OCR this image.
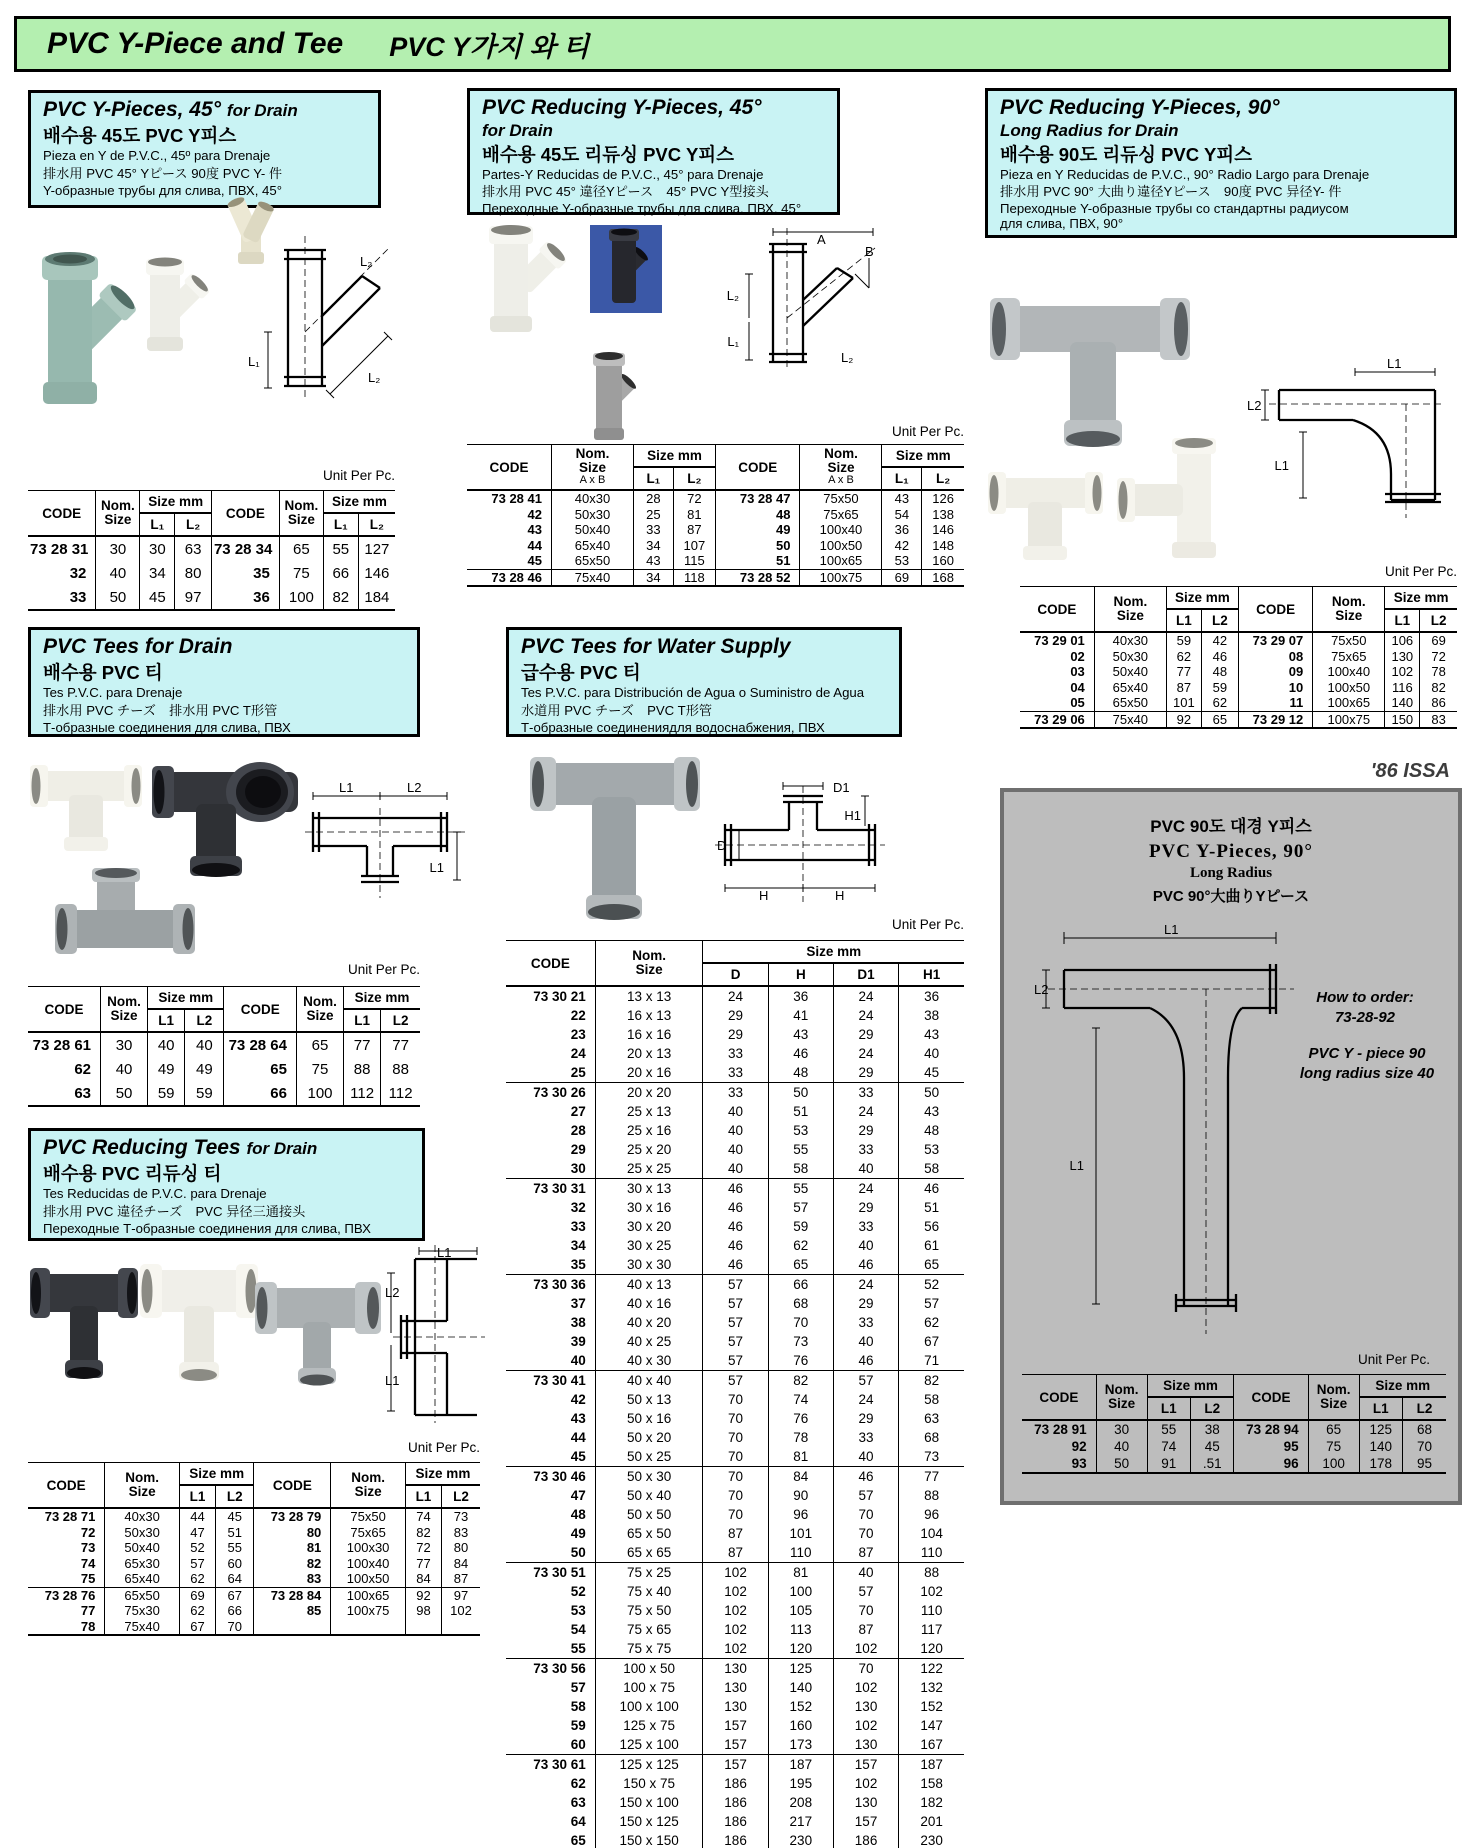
PVC Y-Piece and Tee PVC Y가지 와 티
PVC Y-Pieces, 45° for Drain
배수용 45도 PVC Y피스
Pieza en Y de P.V.C., 45º para Drenaje
排水用 PVC 45° Yピース 90度 PVC Y- 件
Y-образные трубы для слива, ПВХ, 45°
L₂
L₁
L₂
Unit Per Pc.
CODE	
Nom.
Size
	Size mm	CODE	
Nom.
Size
	Size mm
		L₁	L₂			L₁	L₂
73 28 31	30	30	63	73 28 34	65	55	127
32	40	34	80	35	75	66	146
33	50	45	97	36	100	82	184
PVC Reducing Y-Pieces, 45°
for Drain
배수용 45도 리듀싱 PVC Y피스
Partes-Y Reducidas de P.V.C., 45° para Drenaje
排水用 PVC 45° 違径Yピース　45° PVC Y型接头
Переходные Y-образные трубы для слива, ПВХ, 45°
A
B
L₂
L₁
L₂
Unit Per Pc.
CODE	
Nom.
Size
A x B
	Size mm	CODE	
Nom.
Size
A x B
	Size mm
		L₁	L₂			L₁	L₂
73 28 41	40x30	28	72	73 28 47	75x50	43	126
42	50x30	25	81	48	75x65	54	138
43	50x40	33	87	49	100x40	36	146
44	65x40	34	107	50	100x50	42	148
45	65x50	43	115	51	100x65	53	160
73 28 46	75x40	34	118	73 28 52	100x75	69	168
PVC Reducing Y-Pieces, 90°
Long Radius for Drain
배수용 90도 리듀싱 PVC Y피스
Pieza en Y Reducidas de P.V.C., 90° Radio Largo para Drenaje
排水用 PVC 90° 大曲り違径Yピース　90度 PVC 异径Y- 件
Переходные Y-образные трубы со стандартны радиусом для слива, ПВХ, 90°
L1
L2
L1
Unit Per Pc.
CODE	
Nom.
Size
	Size mm	CODE	
Nom.
Size
	Size mm
		L1	L2			L1	L2
73 29 01	40x30	59	42	73 29 07	75x50	106	69
02	50x30	62	46	08	75x65	130	72
03	50x40	77	48	09	100x40	102	78
04	65x40	87	59	10	100x50	116	82
05	65x50	101	62	11	100x65	140	86
73 29 06	75x40	92	65	73 29 12	100x75	150	83
PVC Tees for Drain
배수용 PVC 티
Tes P.V.C. para Drenaje
排水用 PVC チーズ　排水用 PVC T形管
Т-образные соединения для слива, ПВХ
L1	L2
L1
Unit Per Pc.
CODE	
Nom.
Size
	Size mm	CODE	
Nom.
Size
	Size mm
		L1	L2			L1	L2
73 28 61	30	40	40	73 28 64	65	77	77
62	40	49	49	65	75	88	88
63	50	59	59	66	100	112	112
PVC Tees for Water Supply
급수용 PVC 티
Tes P.V.C. para Distribución de Agua o Suministro de Agua
水道用 PVC チーズ　PVC T形管
Т-образные соединениядля водоснабжения, ПВХ
D1
H1
D
H	H
Unit Per Pc.
CODE	Nom.
Size	Size mm			
		D	H	D1	H1
73 30 21	13 x 13	24	36	24	36
22	16 x 13	29	41	24	38
23	16 x 16	29	43	29	43
24	20 x 13	33	46	24	40
25	20 x 16	33	48	29	45
73 30 26	20 x 20	33	50	33	50
27	25 x 13	40	51	24	43
28	25 x 16	40	53	29	48
29	25 x 20	40	55	33	53
30	25 x 25	40	58	40	58
73 30 31	30 x 13	46	55	24	46
32	30 x 16	46	57	29	51
33	30 x 20	46	59	33	56
34	30 x 25	46	62	40	61
35	30 x 30	46	65	46	65
73 30 36	40 x 13	57	66	24	52
37	40 x 16	57	68	29	57
38	40 x 20	57	70	33	62
39	40 x 25	57	73	40	67
40	40 x 30	57	76	46	71
73 30 41	40 x 40	57	82	57	82
42	50 x 13	70	74	24	58
43	50 x 16	70	76	29	63
44	50 x 20	70	78	33	68
45	50 x 25	70	81	40	73
73 30 46	50 x 30	70	84	46	77
47	50 x 40	70	90	57	88
48	50 x 50	70	96	70	96
49	65 x 50	87	101	70	104
50	65 x 65	87	110	87	110
73 30 51	75 x 25	102	81	40	88
52	75 x 40	102	100	57	102
53	75 x 50	102	105	70	110
54	75 x 65	102	113	87	117
55	75 x 75	102	120	102	120
73 30 56	100 x 50	130	125	70	122
57	100 x 75	130	140	102	132
58	100 x 100	130	152	130	152
59	125 x 75	157	160	102	147
60	125 x 100	157	173	130	167
73 30 61	125 x 125	157	187	157	187
62	150 x 75	186	195	102	158
63	150 x 100	186	208	130	182
64	150 x 125	186	217	157	201
65	150 x 150	186	230	186	230
'86 ISSA
PVC 90도 대경 Y피스
PVC Y-Pieces, 90°
Long Radius
PVC 90°大曲りYピース
L1
L2
L1
How to order:
73-28-92
PVC Y - piece 90
long radius size 40
Unit Per Pc.
CODE	
Nom.
Size
	Size mm	CODE	
Nom.
Size
	Size mm
		L1	L2			L1	L2
73 28 91	30	55	38	73 28 94	65	125	68
92	40	74	45	95	75	140	70
93	50	91	.51	96	100	178	95
PVC Reducing Tees for Drain
배수용 PVC 리듀싱 티
Tes Reducidas de P.V.C. para Drenaje
排水用 PVC 違径チーズ　PVC 异径三通接头
Переходные Т-образные соединения для слива, ПВХ
L1
L2
L1
Unit Per Pc.
CODE	
Nom.
Size
	Size mm	CODE	
Nom.
Size
	Size mm
		L1	L2			L1	L2
73 28 71	40x30	44	45	73 28 79	75x50	74	73
72	50x30	47	51	80	75x65	82	83
73	50x40	52	55	81	100x30	72	80
74	65x30	57	60	82	100x40	77	84
75	65x40	62	64	83	100x50	84	87
73 28 76	65x50	69	67	73 28 84	100x65	92	97
77	75x30	62	66	85	100x75	98	102
78	75x40	67	70				
